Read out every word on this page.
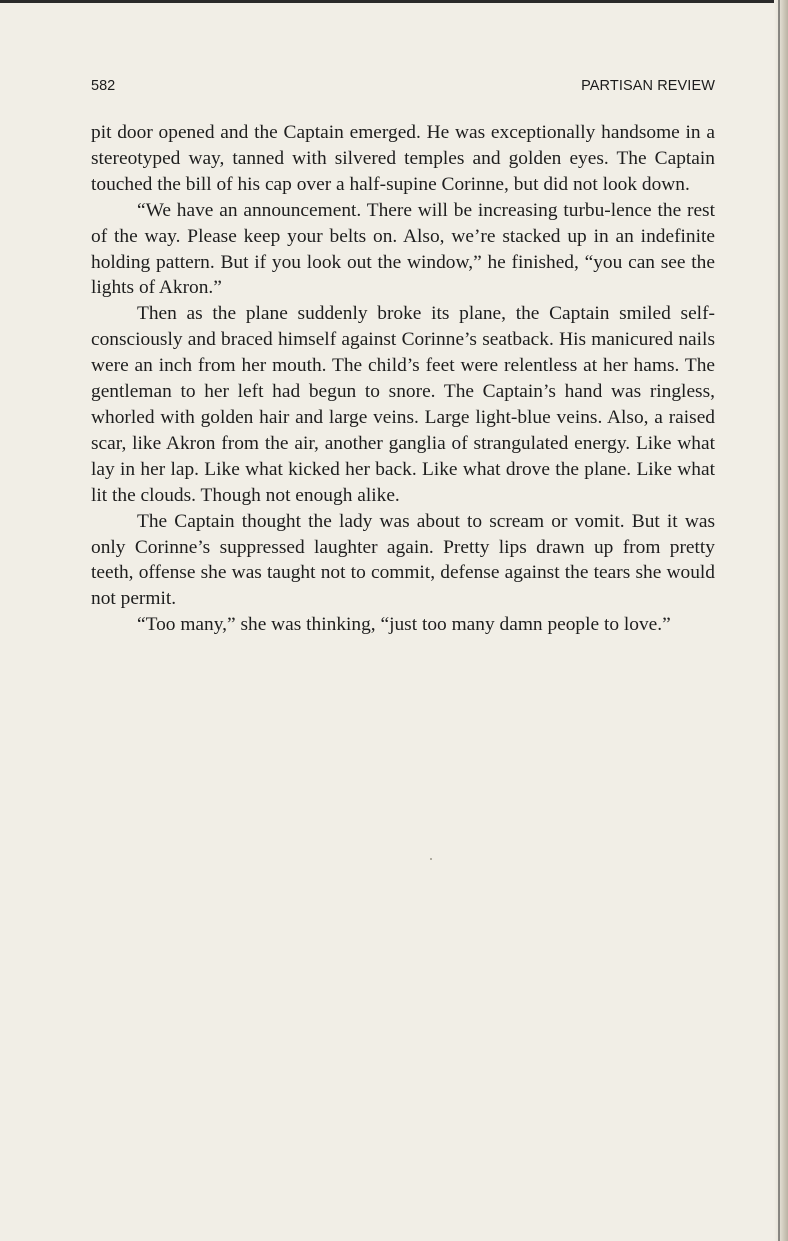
582	PARTISAN REVIEW

pit door opened and the Captain emerged. He was exceptionally handsome in a stereotyped way, tanned with silvered temples and golden eyes. The Captain touched the bill of his cap over a half-supine Corinne, but did not look down.

“We have an announcement. There will be increasing turbu-lence the rest of the way. Please keep your belts on. Also, we’re stacked up in an indefinite holding pattern. But if you look out the window,” he finished, “you can see the lights of Akron.”

Then as the plane suddenly broke its plane, the Captain smiled self-consciously and braced himself against Corinne’s seatback. His manicured nails were an inch from her mouth. The child’s feet were relentless at her hams. The gentleman to her left had begun to snore. The Captain’s hand was ringless, whorled with golden hair and large veins. Large light-blue veins. Also, a raised scar, like Akron from the air, another ganglia of strangulated energy. Like what lay in her lap. Like what kicked her back. Like what drove the plane. Like what lit the clouds. Though not enough alike.

The Captain thought the lady was about to scream or vomit. But it was only Corinne’s suppressed laughter again. Pretty lips drawn up from pretty teeth, offense she was taught not to commit, defense against the tears she would not permit.

“Too many,” she was thinking, “just too many damn people to love.”
